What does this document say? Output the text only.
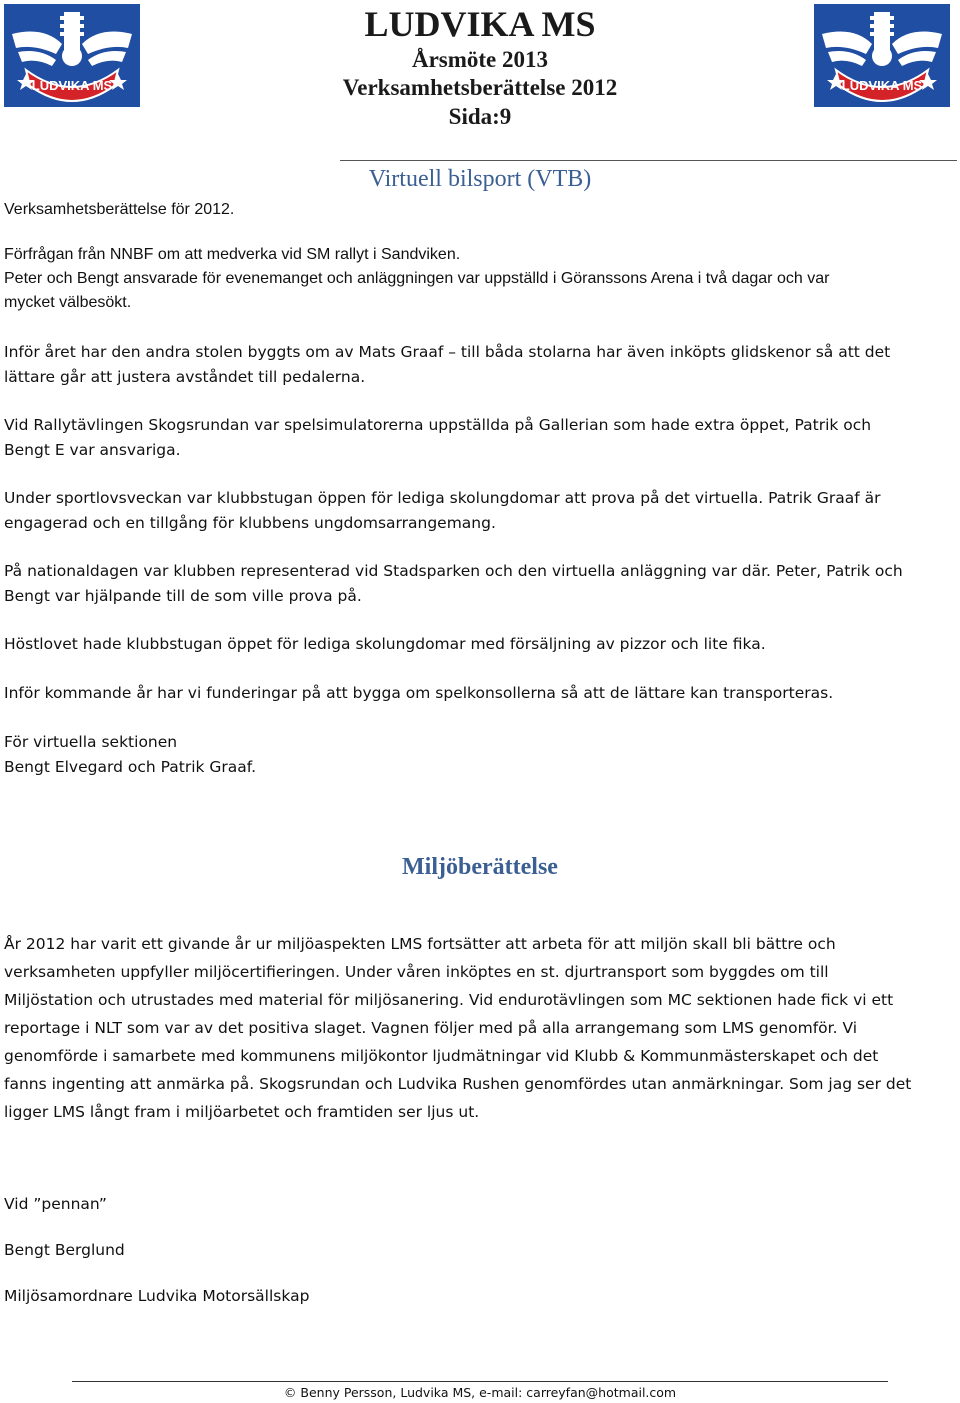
LUDVIKA MS	LUDVIKA MS
LUDVIKA MS
Årsmöte 2013
Verksamhetsberättelse 2012
Sida:9
Virtuell bilsport (VTB)

Verksamhetsberättelse för 2012.

Förfrågan från NNBF om att medverka vid SM rallyt i Sandviken.

Peter och Bengt ansvarade för evenemanget och anläggningen var uppställd i Göranssons Arena i två dagar och var

mycket välbesökt.

Inför året har den andra stolen byggts om av Mats Graaf – till båda stolarna har även inköpts glidskenor så att det

lättare går att justera avståndet till pedalerna.

Vid Rallytävlingen Skogsrundan var spelsimulatorerna uppställda på Gallerian som hade extra öppet, Patrik och

Bengt E var ansvariga.

Under sportlovsveckan var klubbstugan öppen för lediga skolungdomar att prova på det virtuella. Patrik Graaf är

engagerad och en tillgång för klubbens ungdomsarrangemang.

På nationaldagen var klubben representerad vid Stadsparken och den virtuella anläggning var där. Peter, Patrik och

Bengt var hjälpande till de som ville prova på.

Höstlovet hade klubbstugan öppet för lediga skolungdomar med försäljning av pizzor och lite fika.

Inför kommande år har vi funderingar på att bygga om spelkonsollerna så att de lättare kan transporteras.

För virtuella sektionen

Bengt Elvegard och Patrik Graaf.

Miljöberättelse

År 2012 har varit ett givande år ur miljöaspekten LMS fortsätter att arbeta för att miljön skall bli bättre och

verksamheten uppfyller miljöcertifieringen. Under våren inköptes en st. djurtransport som byggdes om till

Miljöstation och utrustades med material för miljösanering. Vid endurotävlingen som MC sektionen hade fick vi ett

reportage i NLT som var av det positiva slaget. Vagnen följer med på alla arrangemang som LMS genomför. Vi

genomförde i samarbete med kommunens miljökontor ljudmätningar vid Klubb & Kommunmästerskapet och det

fanns ingenting att anmärka på. Skogsrundan och Ludvika Rushen genomfördes utan anmärkningar. Som jag ser det

ligger LMS långt fram i miljöarbetet och framtiden ser ljus ut.

Vid ”pennan”

Bengt Berglund

Miljösamordnare Ludvika Motorsällskap

© Benny Persson, Ludvika MS, e-mail: carreyfan@hotmail.com
